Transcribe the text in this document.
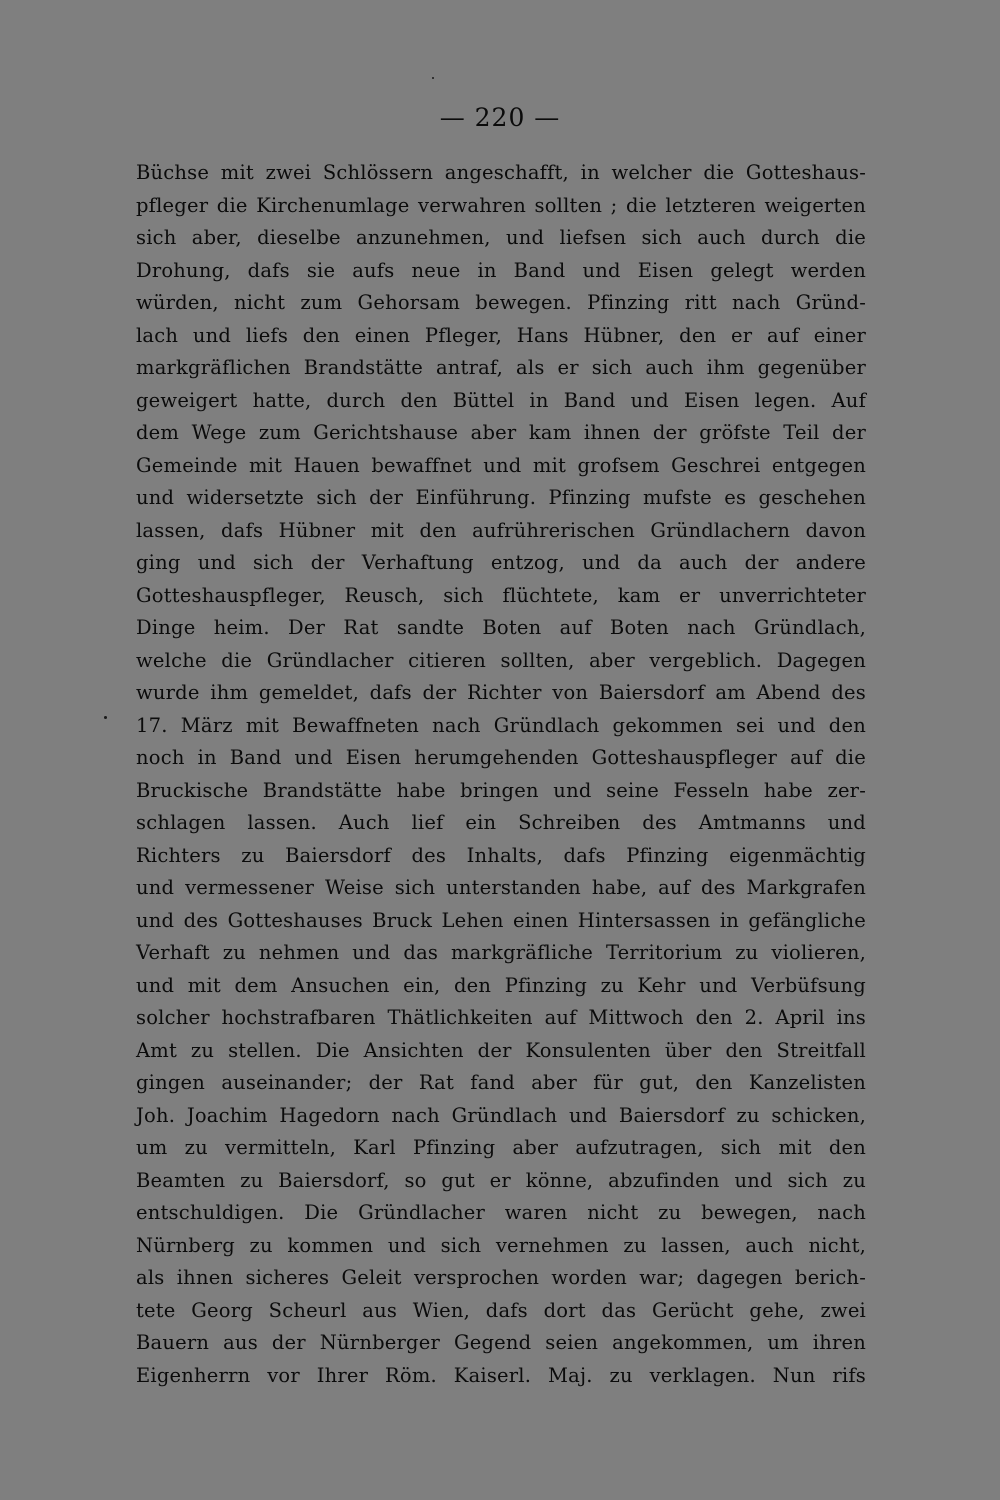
— 220 —
Büchse mit zwei Schlössern angeschafft, in welcher die Gotteshaus-
pfleger die Kirchenumlage verwahren sollten ; die letzteren weigerten
sich aber, dieselbe anzunehmen, und liefsen sich auch durch die
Drohung, dafs sie aufs neue in Band und Eisen gelegt werden
würden, nicht zum Gehorsam bewegen. Pfinzing ritt nach Gründ-
lach und liefs den einen Pfleger, Hans Hübner, den er auf einer
markgräflichen Brandstätte antraf, als er sich auch ihm gegenüber
geweigert hatte, durch den Büttel in Band und Eisen legen. Auf
dem Wege zum Gerichtshause aber kam ihnen der gröfste Teil der
Gemeinde mit Hauen bewaffnet und mit grofsem Geschrei entgegen
und widersetzte sich der Einführung. Pfinzing mufste es geschehen
lassen, dafs Hübner mit den aufrührerischen Gründlachern davon
ging und sich der Verhaftung entzog, und da auch der andere
Gotteshauspfleger, Reusch, sich flüchtete, kam er unverrichteter
Dinge heim. Der Rat sandte Boten auf Boten nach Gründlach,
welche die Gründlacher citieren sollten, aber vergeblich. Dagegen
wurde ihm gemeldet, dafs der Richter von Baiersdorf am Abend des
17. März mit Bewaffneten nach Gründlach gekommen sei und den
noch in Band und Eisen herumgehenden Gotteshauspfleger auf die
Bruckische Brandstätte habe bringen und seine Fesseln habe zer-
schlagen lassen. Auch lief ein Schreiben des Amtmanns und
Richters zu Baiersdorf des Inhalts, dafs Pfinzing eigenmächtig
und vermessener Weise sich unterstanden habe, auf des Markgrafen
und des Gotteshauses Bruck Lehen einen Hintersassen in gefängliche
Verhaft zu nehmen und das markgräfliche Territorium zu violieren,
und mit dem Ansuchen ein, den Pfinzing zu Kehr und Verbüfsung
solcher hochstrafbaren Thätlichkeiten auf Mittwoch den 2. April ins
Amt zu stellen. Die Ansichten der Konsulenten über den Streitfall
gingen auseinander; der Rat fand aber für gut, den Kanzelisten
Joh. Joachim Hagedorn nach Gründlach und Baiersdorf zu schicken,
um zu vermitteln, Karl Pfinzing aber aufzutragen, sich mit den
Beamten zu Baiersdorf, so gut er könne, abzufinden und sich zu
entschuldigen. Die Gründlacher waren nicht zu bewegen, nach
Nürnberg zu kommen und sich vernehmen zu lassen, auch nicht,
als ihnen sicheres Geleit versprochen worden war; dagegen berich-
tete Georg Scheurl aus Wien, dafs dort das Gerücht gehe, zwei
Bauern aus der Nürnberger Gegend seien angekommen, um ihren
Eigenherrn vor Ihrer Röm. Kaiserl. Maj. zu verklagen. Nun rifs
